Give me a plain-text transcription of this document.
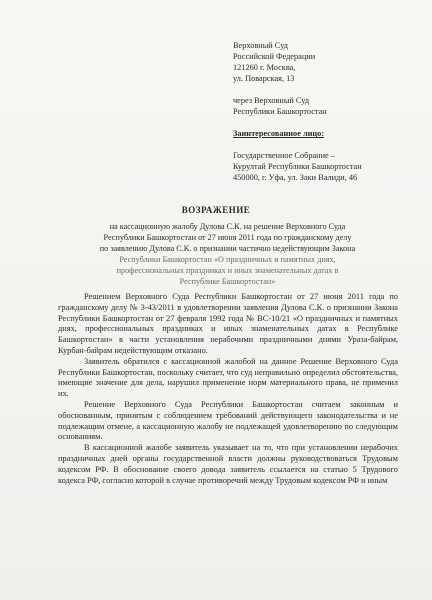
Верховный Суд
Российской Федерации
121260 г. Москва,
ул. Поварская, 13
через Верховный Суд
Республики Башкортостан
Заинтересованное лицо:
Государственное Собрание –
Курултай Республики Башкортостан
450000, г. Уфа, ул. Заки Валиди, 46
ВОЗРАЖЕНИЕ
на кассационную жалобу Дулова С.К. на решение Верховного Суда
Республики Башкортостан от 27 июня 2011 года по гражданскому делу
по заявлению Дулова С.К. о признании частично недействующим Закона
Республики Башкортостан «О праздничных и памятных днях,
профессиональных праздниках и иных знаменательных датах в
Республике Башкортостан»

Решением Верховного Суда Республики Башкортостан от 27 июня 2011 года по гражданскому делу № 3-43/2011 в удовлетворении заявления Дулова С.К. о признании Закона Республики Башкортостан от 27 февраля 1992 года № ВС-10/21 «О праздничных и памятных днях, профессиональных праздниках и иных знаменательных датах в Республике Башкортостан» в части установления нерабочими праздничными днями Ураза-байрам, Курбан-байрам недействующим отказано.

Заявитель обратился с кассационной жалобой на данное Решение Верховного Суда Республики Башкортостан, поскольку считает, что суд неправильно определил обстоятельства, имеющие значение для дела, нарушил применение норм материального права, не применил их.

Решение Верховного Суда Республики Башкортостан считаем законным и обоснованным, принятым с соблюдением требований действующего законодательства и не подлежащим отмене, а кассационную жалобу не подлежащей удовлетворению по следующим основаниям.

В кассационной жалобе заявитель указывает на то, что при установлении нерабочих праздничных дней органы государственной власти должны руководствоваться Трудовым кодексом РФ. В обоснование своего довода заявитель ссылается на статью 5 Трудового кодекса РФ, согласно которой в случае противоречий между Трудовым кодексом РФ и иным
